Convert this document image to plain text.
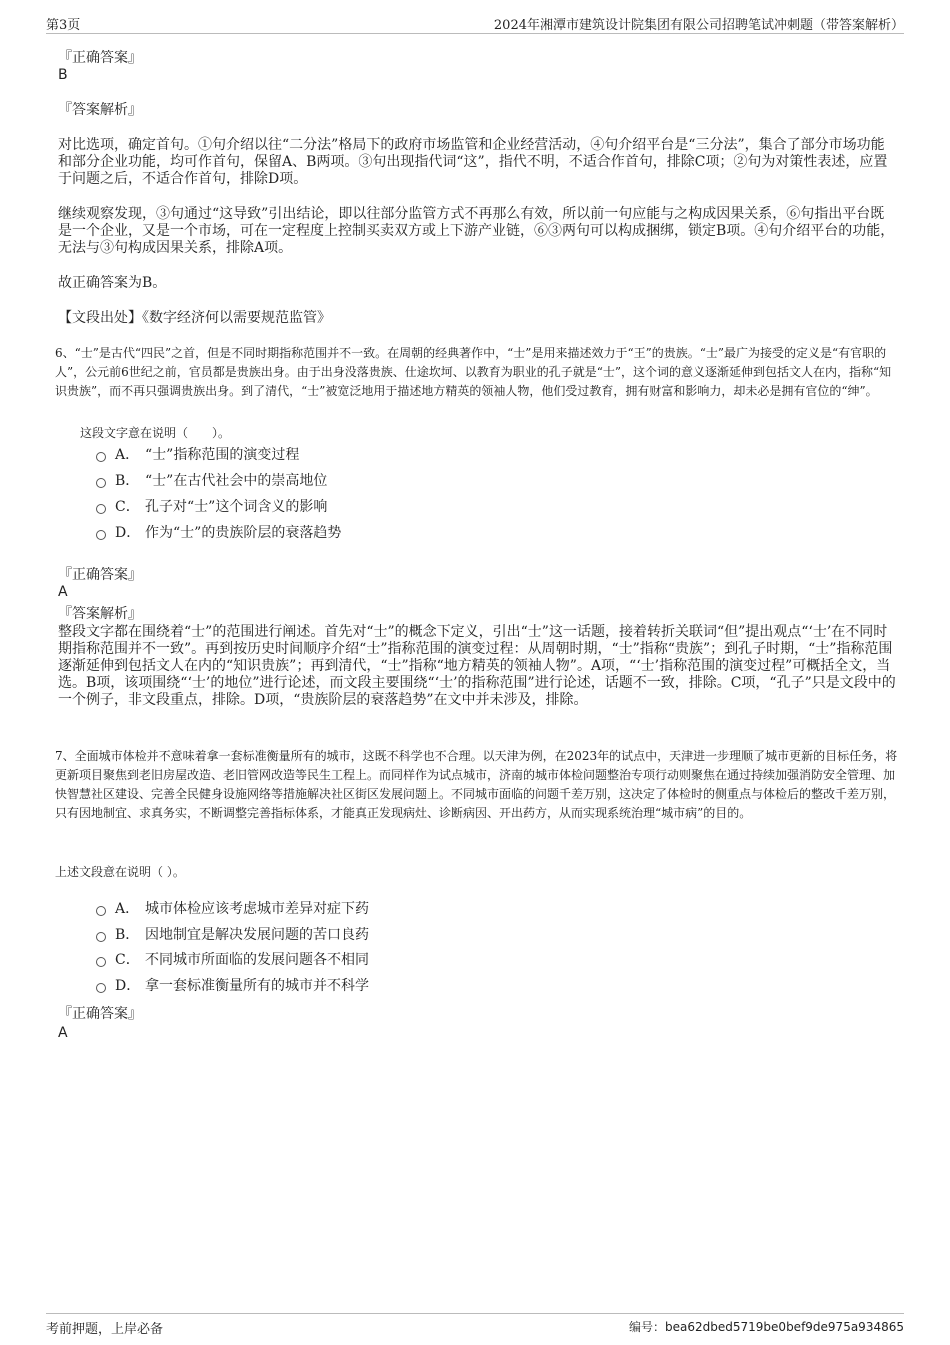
第3页	2024年湘潭市建筑设计院集团有限公司招聘笔试冲刺题（带答案解析）
『正确答案』
B
『答案解析』
对比选项，确定首句。①句介绍以往“二分法”格局下的政府市场监管和企业经营活动，④句介绍平台是“三分法”，集合了部分市场功能和部分企业功能，均可作首句，保留A、B两项。③句出现指代词“这”，指代不明，不适合作首句，排除C项；②句为对策性表述，应置于问题之后，不适合作首句，排除D项。
继续观察发现，③句通过“这导致”引出结论，即以往部分监管方式不再那么有效，所以前一句应能与之构成因果关系，⑥句指出平台既是一个企业，又是一个市场，可在一定程度上控制买卖双方或上下游产业链，⑥③两句可以构成捆绑，锁定B项。④句介绍平台的功能，无法与③句构成因果关系，排除A项。
故正确答案为B。
【文段出处】《数字经济何以需要规范监管》
6、“士”是古代“四民”之首，但是不同时期指称范围并不一致。在周朝的经典著作中，“士”是用来描述效力于“王”的贵族。“士”最广为接受的定义是“有官职的人”，公元前6世纪之前，官员都是贵族出身。由于出身没落贵族、仕途坎坷、以教育为职业的孔子就是“士”，这个词的意义逐渐延伸到包括文人在内，指称“知识贵族”，而不再只强调贵族出身。到了清代，“士”被宽泛地用于描述地方精英的领袖人物，他们受过教育，拥有财富和影响力，却未必是拥有官位的“绅”。
这段文字意在说明（　　）。
A． “士”指称范围的演变过程
B． “士”在古代社会中的崇高地位
C． 孔子对“士”这个词含义的影响
D． 作为“士”的贵族阶层的衰落趋势
『正确答案』
A
『答案解析』
整段文字都在围绕着“士”的范围进行阐述。首先对“士”的概念下定义，引出“士”这一话题，接着转折关联词“但”提出观点“‘士’在不同时期指称范围并不一致”。再到按历史时间顺序介绍“士”指称范围的演变过程：从周朝时期，“士”指称“贵族”；到孔子时期，“士”指称范围逐渐延伸到包括文人在内的“知识贵族”；再到清代，“士”指称“地方精英的领袖人物”。A项，“‘士’指称范围的演变过程”可概括全文，当选。B项，该项围绕“‘士’的地位”进行论述，而文段主要围绕“‘士’的指称范围”进行论述，话题不一致，排除。C项，“孔子”只是文段中的一个例子，非文段重点，排除。D项，“贵族阶层的衰落趋势”在文中并未涉及，排除。
7、全面城市体检并不意味着拿一套标准衡量所有的城市，这既不科学也不合理。以天津为例，在2023年的试点中，天津进一步理顺了城市更新的目标任务，将更新项目聚焦到老旧房屋改造、老旧管网改造等民生工程上。而同样作为试点城市，济南的城市体检问题整治专项行动则聚焦在通过持续加强消防安全管理、加快智慧社区建设、完善全民健身设施网络等措施解决社区街区发展问题上。不同城市面临的问题千差万别，这决定了体检时的侧重点与体检后的整改千差万别，只有因地制宜、求真务实，不断调整完善指标体系，才能真正发现病灶、诊断病因、开出药方，从而实现系统治理“城市病”的目的。
上述文段意在说明（ ）。
A． 城市体检应该考虑城市差异对症下药
B． 因地制宜是解决发展问题的苦口良药
C． 不同城市所面临的发展问题各不相同
D． 拿一套标准衡量所有的城市并不科学
『正确答案』
A
考前押题，上岸必备	编号：bea62dbed5719be0bef9de975a934865
